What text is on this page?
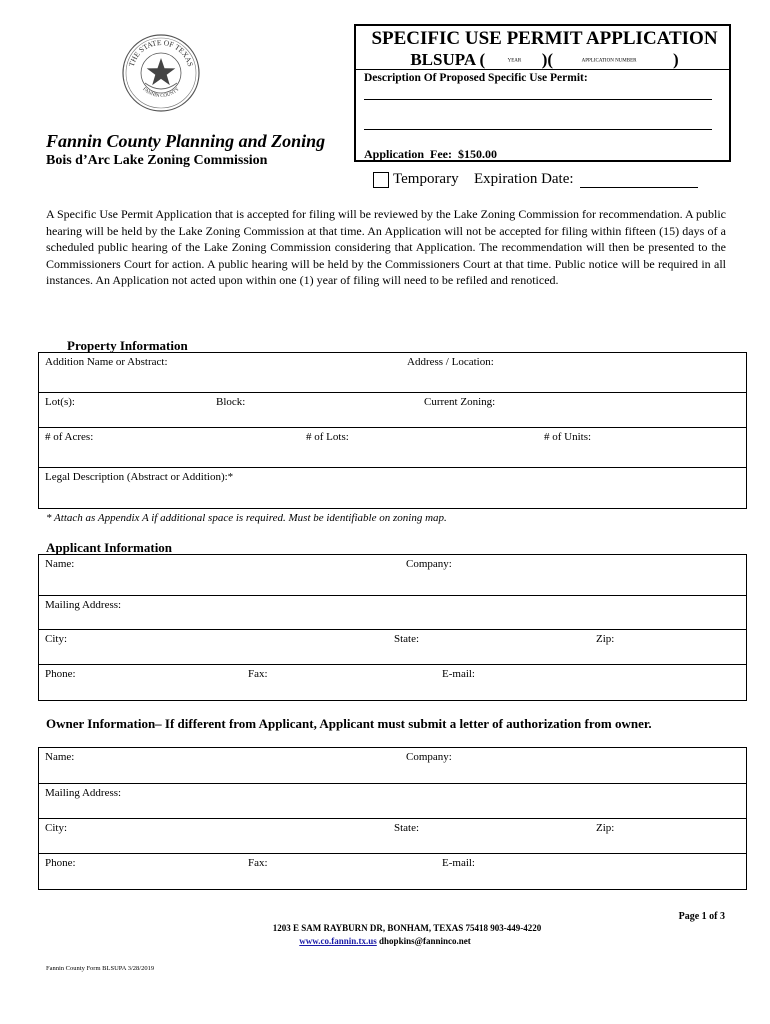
THE STATE OF TEXAS
FANNIN COUNTY
Fannin County Planning and Zoning
Bois d’Arc Lake Zoning Commission
SPECIFIC USE PERMIT APPLICATION
BLSUPA (	YEAR )(	APPLICATION NUMBER )
Description Of Proposed Specific Use Permit:
Application Fee: $150.00
Temporary Expiration Date:
A Specific Use Permit Application that is accepted for filing will be reviewed by the Lake Zoning Commission for recommendation. A public hearing will be held by the Lake Zoning Commission at that time. An Application will not be accepted for filing within fifteen (15) days of a scheduled public hearing of the Lake Zoning Commission considering that Application. The recommendation will then be presented to the Commissioners Court for action. A public hearing will be held by the Commissioners Court at that time. Public notice will be required in all instances. An Application not acted upon within one (1) year of filing will need to be refiled and renoticed.
Property Information
Addition Name or Abstract:	Address / Location:
Lot(s):	Block:	Current Zoning:
# of Acres:	# of Lots:	# of Units:
Legal Description (Abstract or Addition):*
* Attach as Appendix A if additional space is required. Must be identifiable on zoning map.
Applicant Information
Name:	Company:
Mailing Address:
City:	State:	Zip:
Phone:	Fax:	E-mail:
Owner Information– If different from Applicant, Applicant must submit a letter of authorization from owner.
Name:	Company:
Mailing Address:
City:	State:	Zip:
Phone:	Fax:	E-mail:
Page 1 of 3
1203 E SAM RAYBURN DR, BONHAM, TEXAS 75418 903-449-4220
www.co.fannin.tx.us dhopkins@fanninco.net
Fannin County Form BLSUPA 3/28/2019
